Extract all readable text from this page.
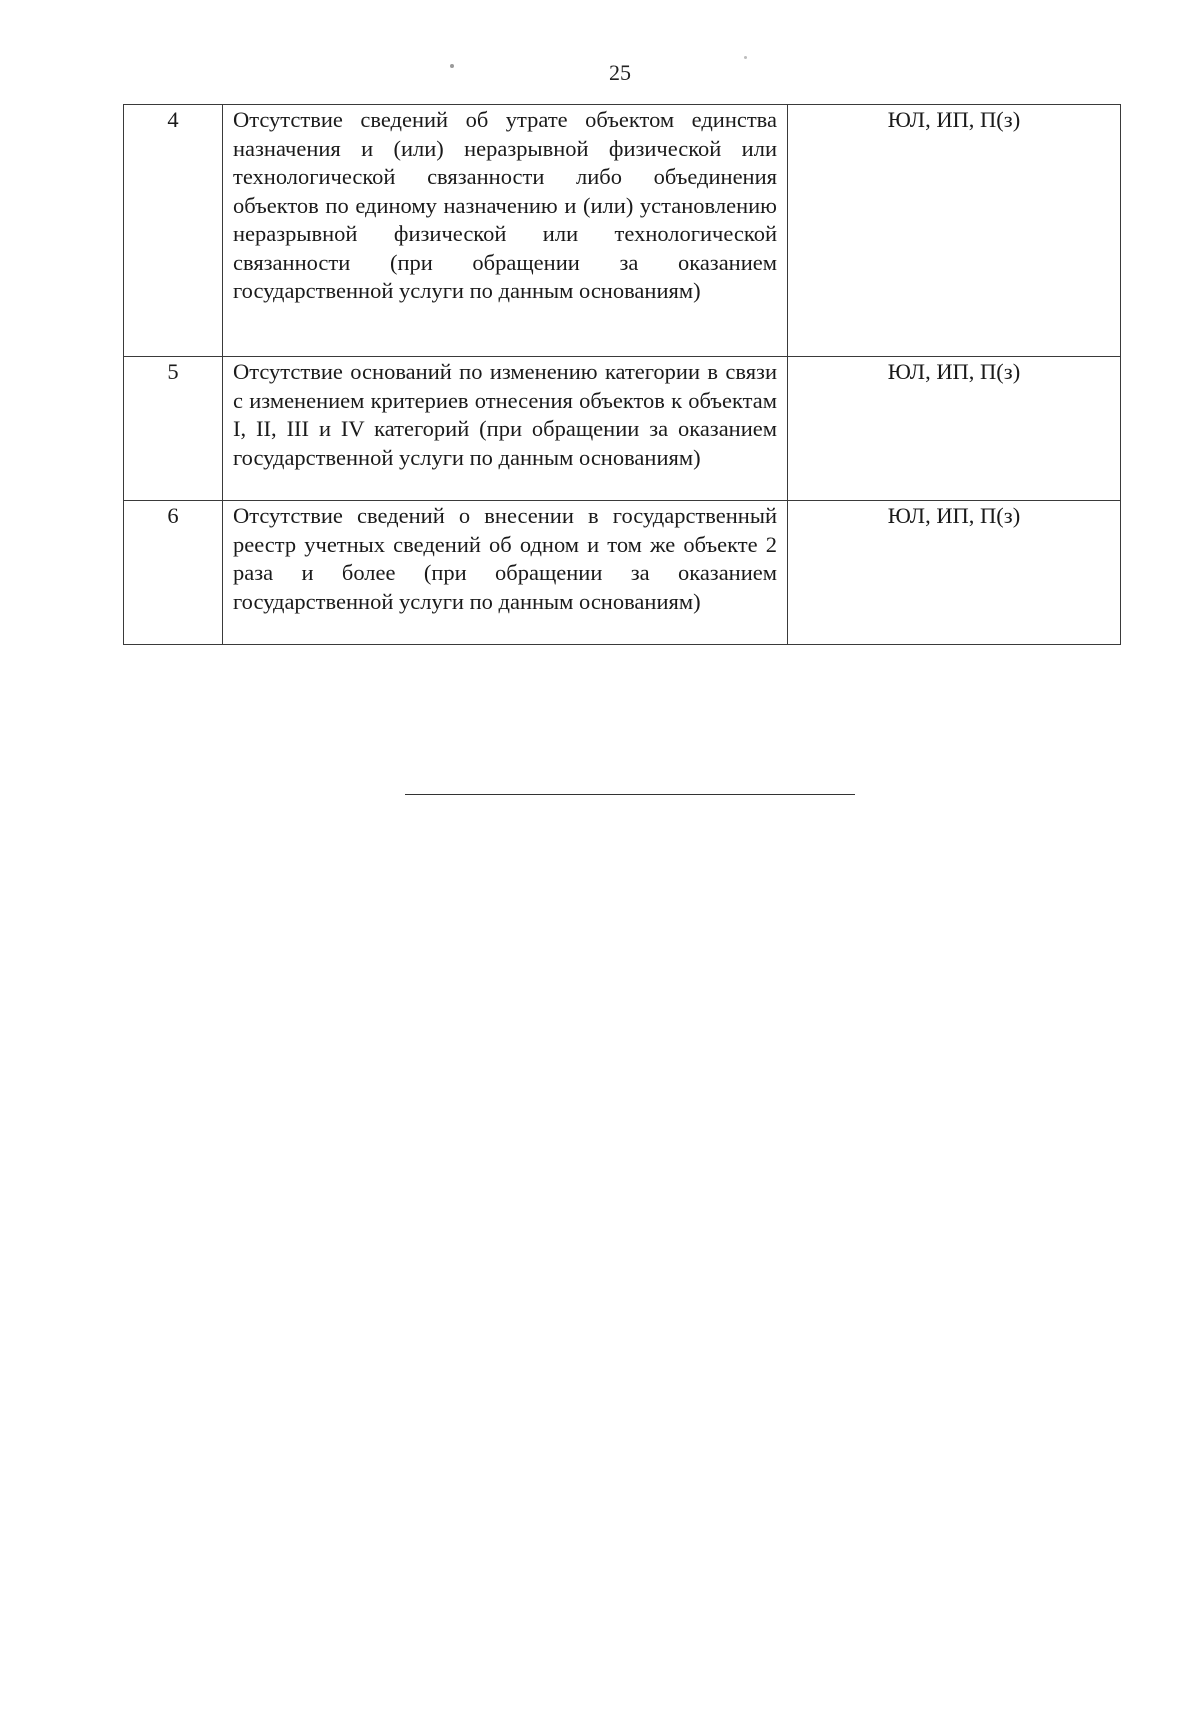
25
4	Отсутствие сведений об утрате объектом единства назначения и (или) неразрывной физической или технологической связанности либо объединения объектов по единому назначению и (или) установлению неразрывной физической или технологической связанности (при обращении за оказанием государственной услуги по данным основаниям)	ЮЛ, ИП, П(з)
5	Отсутствие оснований по изменению категории в связи с изменением критериев отнесения объектов к объектам I, II, III и IV категорий (при обращении за оказанием государственной услуги по данным основаниям)	ЮЛ, ИП, П(з)
6	Отсутствие сведений о внесении в государственный реестр учетных сведений об одном и том же объекте 2 раза и более (при обращении за оказанием государственной услуги по данным основаниям)	ЮЛ, ИП, П(з)
